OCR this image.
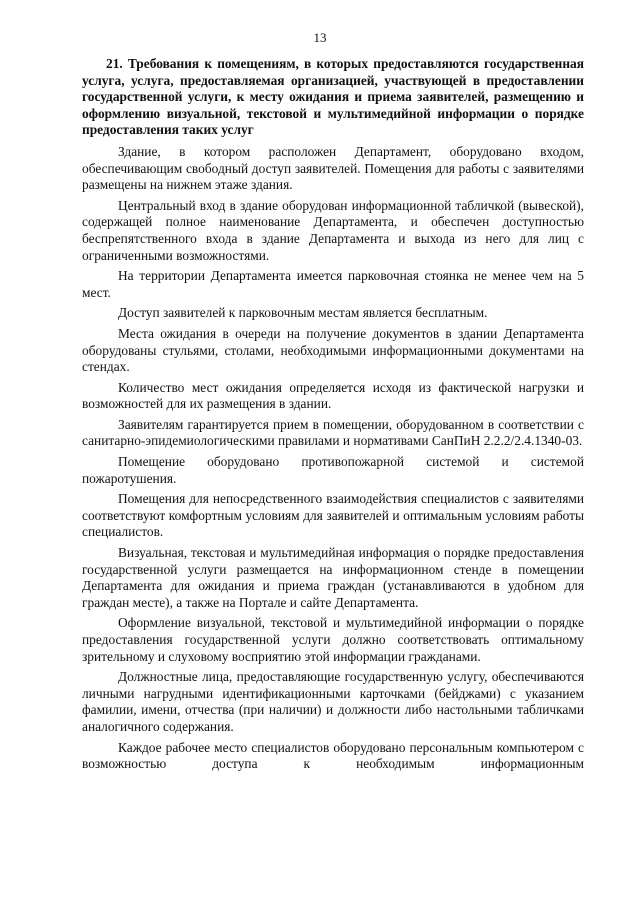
13

21. Требования к помещениям, в которых предоставляются государственная услуга, услуга, предоставляемая организацией, участвующей в предоставлении государственной услуги, к месту ожидания и приема заявителей, размещению и оформлению визуальной, текстовой и мультимедийной информации о порядке предоставления таких услуг

Здание, в котором расположен Департамент, оборудовано входом, обеспечивающим свободный доступ заявителей. Помещения для работы с заявителями размещены на нижнем этаже здания.

Центральный вход в здание оборудован информационной табличкой (вывеской), содержащей полное наименование Департамента, и обеспечен доступностью беспрепятственного входа в здание Департамента и выхода из него для лиц с ограниченными возможностями.

На территории Департамента имеется парковочная стоянка не менее чем на 5 мест.

Доступ заявителей к парковочным местам является бесплатным.

Места ожидания в очереди на получение документов в здании Департамента оборудованы стульями, столами, необходимыми информационными документами на стендах.

Количество мест ожидания определяется исходя из фактической нагрузки и возможностей для их размещения в здании.

Заявителям гарантируется прием в помещении, оборудованном в соответствии с санитарно-эпидемиологическими правилами и нормативами СанПиН 2.2.2/2.4.1340-03.

Помещение оборудовано противопожарной системой и системой пожаротушения.

Помещения для непосредственного взаимодействия специалистов с заявителями соответствуют комфортным условиям для заявителей и оптимальным условиям работы специалистов.

Визуальная, текстовая и мультимедийная информация о порядке предоставления государственной услуги размещается на информационном стенде в помещении Департамента для ожидания и приема граждан (устанавливаются в удобном для граждан месте), а также на Портале и сайте Департамента.

Оформление визуальной, текстовой и мультимедийной информации о порядке предоставления государственной услуги должно соответствовать оптимальному зрительному и слуховому восприятию этой информации гражданами.

Должностные лица, предоставляющие государственную услугу, обеспечиваются личными нагрудными идентификационными карточками (бейджами) с указанием фамилии, имени, отчества (при наличии) и должности либо настольными табличками аналогичного содержания.

Каждое рабочее место специалистов оборудовано персональным компьютером с возможностью доступа к необходимым информационным
